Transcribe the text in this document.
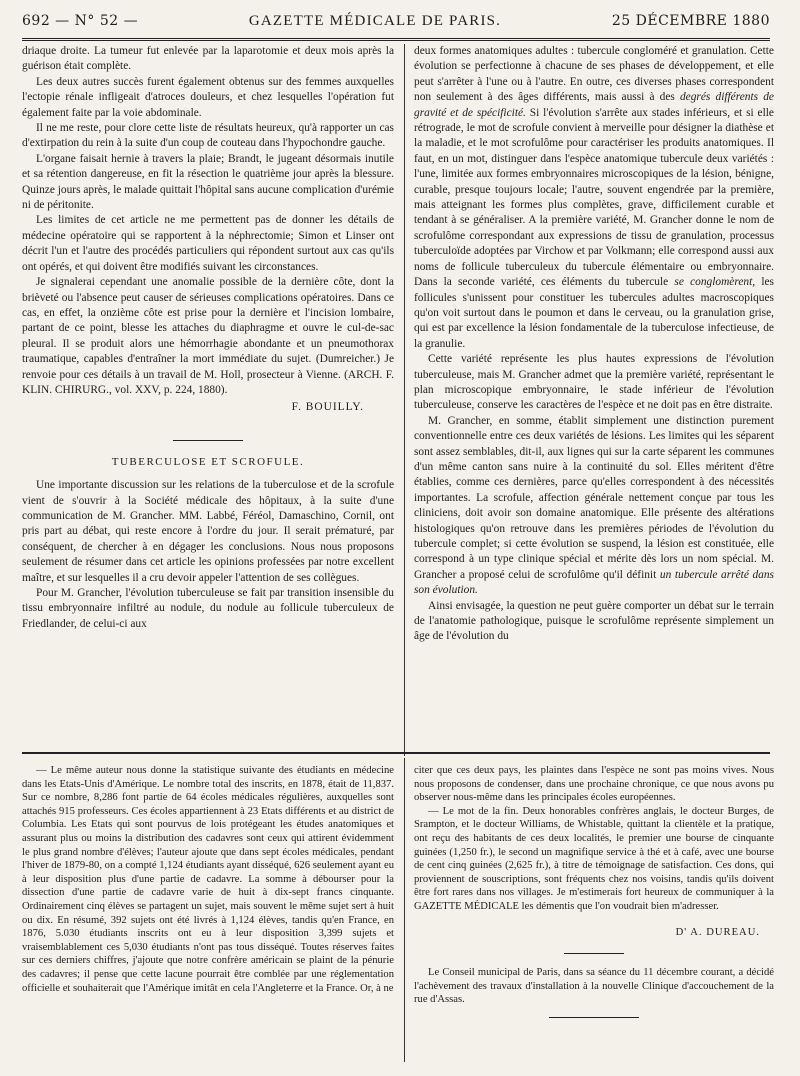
692 — N° 52 —	GAZETTE MÉDICALE DE PARIS.	25 DÉCEMBRE 1880

driaque droite. La tumeur fut enlevée par la laparotomie et deux mois après la guérison était complète.

Les deux autres succès furent également obtenus sur des femmes auxquelles l'ectopie rénale infligeait d'atroces douleurs, et chez lesquelles l'opération fut également faite par la voie abdominale.

Il ne me reste, pour clore cette liste de résultats heureux, qu'à rapporter un cas d'extirpation du rein à la suite d'un coup de couteau dans l'hypochondre gauche.

L'organe faisait hernie à travers la plaie; Brandt, le jugeant désormais inutile et sa rétention dangereuse, en fit la résection le quatrième jour après la blessure. Quinze jours après, le malade quittait l'hôpital sans aucune complication d'urémie ni de péritonite.

Les limites de cet article ne me permettent pas de donner les détails de médecine opératoire qui se rapportent à la néphrectomie; Simon et Linser ont décrit l'un et l'autre des procédés particuliers qui répondent surtout aux cas qu'ils ont opérés, et qui doivent être modifiés suivant les circonstances.

Je signalerai cependant une anomalie possible de la dernière côte, dont la brièveté ou l'absence peut causer de sérieuses complications opératoires. Dans ce cas, en effet, la onzième côte est prise pour la dernière et l'incision lombaire, partant de ce point, blesse les attaches du diaphragme et ouvre le cul-de-sac pleural. Il se produit alors une hémorrhagie abondante et un pneumothorax traumatique, capables d'entraîner la mort immédiate du sujet. (Dumreicher.) Je renvoie pour ces détails à un travail de M. Holl, prosecteur à Vienne. (ARCH. F. KLIN. CHIRURG., vol. XXV, p. 224, 1880).

F. BOUILLY.
TUBERCULOSE ET SCROFULE.

Une importante discussion sur les relations de la tuberculose et de la scrofule vient de s'ouvrir à la Société médicale des hôpitaux, à la suite d'une communication de M. Grancher. MM. Labbé, Féréol, Damaschino, Cornil, ont pris part au débat, qui reste encore à l'ordre du jour. Il serait prématuré, par conséquent, de chercher à en dégager les conclusions. Nous nous proposons seulement de résumer dans cet article les opinions professées par notre excellent maître, et sur lesquelles il a cru devoir appeler l'attention de ses collègues.

Pour M. Grancher, l'évolution tuberculeuse se fait par transition insensible du tissu embryonnaire infiltré au nodule, du nodule au follicule tuberculeux de Friedlander, de celui-ci aux

deux formes anatomiques adultes : tubercule congloméré et granulation. Cette évolution se perfectionne à chacune de ses phases de développement, et elle peut s'arrêter à l'une ou à l'autre. En outre, ces diverses phases correspondent non seulement à des âges différents, mais aussi à des degrés différents de gravité et de spécificité. Si l'évolution s'arrête aux stades inférieurs, et si elle rétrograde, le mot de scrofule convient à merveille pour désigner la diathèse et la maladie, et le mot scrofulôme pour caractériser les produits anatomiques. Il faut, en un mot, distinguer dans l'espèce anatomique tubercule deux variétés : l'une, limitée aux formes embryonnaires microscopiques de la lésion, bénigne, curable, presque toujours locale; l'autre, souvent engendrée par la première, mais atteignant les formes plus complètes, grave, difficilement curable et tendant à se généraliser. A la première variété, M. Grancher donne le nom de scrofulôme correspondant aux expressions de tissu de granulation, processus tuberculoïde adoptées par Virchow et par Volkmann; elle correspond aussi aux noms de follicule tuberculeux du tubercule élémentaire ou embryonnaire. Dans la seconde variété, ces éléments du tubercule se conglomèrent, les follicules s'unissent pour constituer les tubercules adultes macroscopiques qu'on voit surtout dans le poumon et dans le cerveau, ou la granulation grise, qui est par excellence la lésion fondamentale de la tuberculose infectieuse, de la granulie.

Cette variété représente les plus hautes expressions de l'évolution tuberculeuse, mais M. Grancher admet que la première variété, représentant le plan microscopique embryonnaire, le stade inférieur de l'évolution tuberculeuse, conserve les caractères de l'espèce et ne doit pas en être distraite.

M. Grancher, en somme, établit simplement une distinction purement conventionnelle entre ces deux variétés de lésions. Les limites qui les séparent sont assez semblables, dit-il, aux lignes qui sur la carte séparent les communes d'un même canton sans nuire à la continuité du sol. Elles méritent d'être établies, comme ces dernières, parce qu'elles correspondent à des nécessités importantes. La scrofule, affection générale nettement conçue par tous les cliniciens, doit avoir son domaine anatomique. Elle présente des altérations histologiques qu'on retrouve dans les premières périodes de l'évolution du tubercule complet; si cette évolution se suspend, la lésion est constituée, elle correspond à un type clinique spécial et mérite dès lors un nom spécial. M. Grancher a proposé celui de scrofulôme qu'il définit un tubercule arrêté dans son évolution.

Ainsi envisagée, la question ne peut guère comporter un débat sur le terrain de l'anatomie pathologique, puisque le scrofulôme représente simplement un âge de l'évolution du

— Le même auteur nous donne la statistique suivante des étudiants en médecine dans les Etats-Unis d'Amérique. Le nombre total des inscrits, en 1878, était de 11,837. Sur ce nombre, 8,286 font partie de 64 écoles médicales régulières, auxquelles sont attachés 915 professeurs. Ces écoles appartiennent à 23 Etats différents et au district de Columbia. Les Etats qui sont pourvus de lois protégeant les études anatomiques et assurant plus ou moins la distribution des cadavres sont ceux qui attirent évidemment le plus grand nombre d'élèves; l'auteur ajoute que dans sept écoles médicales, pendant l'hiver de 1879-80, on a compté 1,124 étudiants ayant disséqué, 626 seulement ayant eu à leur disposition plus d'une partie de cadavre. La somme à débourser pour la dissection d'une partie de cadavre varie de huit à dix-sept francs cinquante. Ordinairement cinq élèves se partagent un sujet, mais souvent le même sujet sert à huit ou dix. En résumé, 392 sujets ont été livrés à 1,124 élèves, tandis qu'en France, en 1876, 5.030 étudiants inscrits ont eu à leur disposition 3,399 sujets et vraisemblablement ces 5,030 étudiants n'ont pas tous disséqué. Toutes réserves faites sur ces derniers chiffres, j'ajoute que notre confrère américain se plaint de la pénurie des cadavres; il pense que cette lacune pourrait être comblée par une réglementation officielle et souhaiterait que l'Amérique imitât en cela l'Angleterre et la France. Or, à ne

citer que ces deux pays, les plaintes dans l'espèce ne sont pas moins vives. Nous nous proposons de condenser, dans une prochaine chronique, ce que nous avons pu observer nous-même dans les principales écoles européennes.

— Le mot de la fin. Deux honorables confrères anglais, le docteur Burges, de Srampton, et le docteur Williams, de Whistable, quittant la clientèle et la pratique, ont reçu des habitants de ces deux localités, le premier une bourse de cinquante guinées (1,250 fr.), le second un magnifique service à thé et à café, avec une bourse de cent cinq guinées (2,625 fr.), à titre de témoignage de satisfaction. Ces dons, qui proviennent de souscriptions, sont fréquents chez nos voisins, tandis qu'ils doivent être fort rares dans nos villages. Je m'estimerais fort heureux de communiquer à la GAZETTE MÉDICALE les démentis que l'on voudrait bien m'adresser.

D' A. DUREAU.

Le Conseil municipal de Paris, dans sa séance du 11 décembre courant, a décidé l'achèvement des travaux d'installation à la nouvelle Clinique d'accouchement de la rue d'Assas.
